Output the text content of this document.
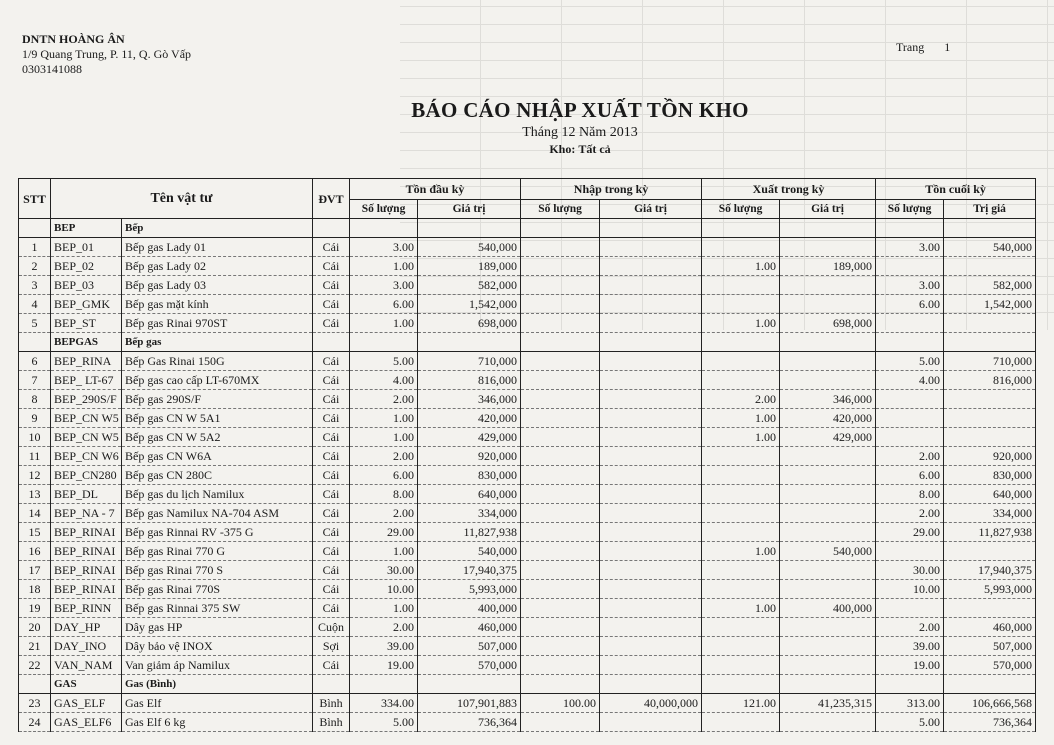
DNTN HOÀNG ÂN
1/9 Quang Trung, P. 11, Q. Gò Vấp
0303141088
Trang 1
BÁO CÁO NHẬP XUẤT TỒN KHO
Tháng 12 Năm 2013
Kho: Tất cả
STT	Tên vật tư		ĐVT	Tồn đầu kỳ		Nhập trong kỳ		Xuất trong kỳ		Tồn cuối kỳ	
				Số lượng	Giá trị	Số lượng	Giá trị	Số lượng	Giá trị	Số lượng	Trị giá
	BEP	Bếp									
1	BEP_01	Bếp gas Lady 01	Cái	3.00	540,000					3.00	540,000
2	BEP_02	Bếp gas Lady 02	Cái	1.00	189,000			1.00	189,000		
3	BEP_03	Bếp gas Lady 03	Cái	3.00	582,000					3.00	582,000
4	BEP_GMK	Bếp gas mặt kính	Cái	6.00	1,542,000					6.00	1,542,000
5	BEP_ST	Bếp gas Rinai 970ST	Cái	1.00	698,000			1.00	698,000		
	BEPGAS	Bếp gas									
6	BEP_RINA	Bếp Gas Rinai 150G	Cái	5.00	710,000					5.00	710,000
7	BEP_ LT-67	Bếp gas cao cấp LT-670MX	Cái	4.00	816,000					4.00	816,000
8	BEP_290S/F	Bếp gas 290S/F	Cái	2.00	346,000			2.00	346,000		
9	BEP_CN W5	Bếp gas CN W 5A1	Cái	1.00	420,000			1.00	420,000		
10	BEP_CN W5	Bếp gas CN W 5A2	Cái	1.00	429,000			1.00	429,000		
11	BEP_CN W6	Bếp gas CN W6A	Cái	2.00	920,000					2.00	920,000
12	BEP_CN280	Bếp gas CN 280C	Cái	6.00	830,000					6.00	830,000
13	BEP_DL	Bếp gas du lịch Namilux	Cái	8.00	640,000					8.00	640,000
14	BEP_NA - 7	Bếp gas Namilux NA-704 ASM	Cái	2.00	334,000					2.00	334,000
15	BEP_RINAI	Bếp gas Rinnai RV -375 G	Cái	29.00	11,827,938					29.00	11,827,938
16	BEP_RINAI	Bếp gas Rinai 770 G	Cái	1.00	540,000			1.00	540,000		
17	BEP_RINAI	Bếp gas Rinai 770 S	Cái	30.00	17,940,375					30.00	17,940,375
18	BEP_RINAI	Bếp gas Rinai 770S	Cái	10.00	5,993,000					10.00	5,993,000
19	BEP_RINN	Bếp gas Rinnai 375 SW	Cái	1.00	400,000			1.00	400,000		
20	DAY_HP	Dây gas HP	Cuộn	2.00	460,000					2.00	460,000
21	DAY_INO	Dây bảo vệ INOX	Sợi	39.00	507,000					39.00	507,000
22	VAN_NAM	Van giảm áp Namilux	Cái	19.00	570,000					19.00	570,000
	GAS	Gas (Bình)									
23	GAS_ELF	Gas Elf	Bình	334.00	107,901,883	100.00	40,000,000	121.00	41,235,315	313.00	106,666,568
24	GAS_ELF6	Gas Elf 6 kg	Bình	5.00	736,364					5.00	736,364
